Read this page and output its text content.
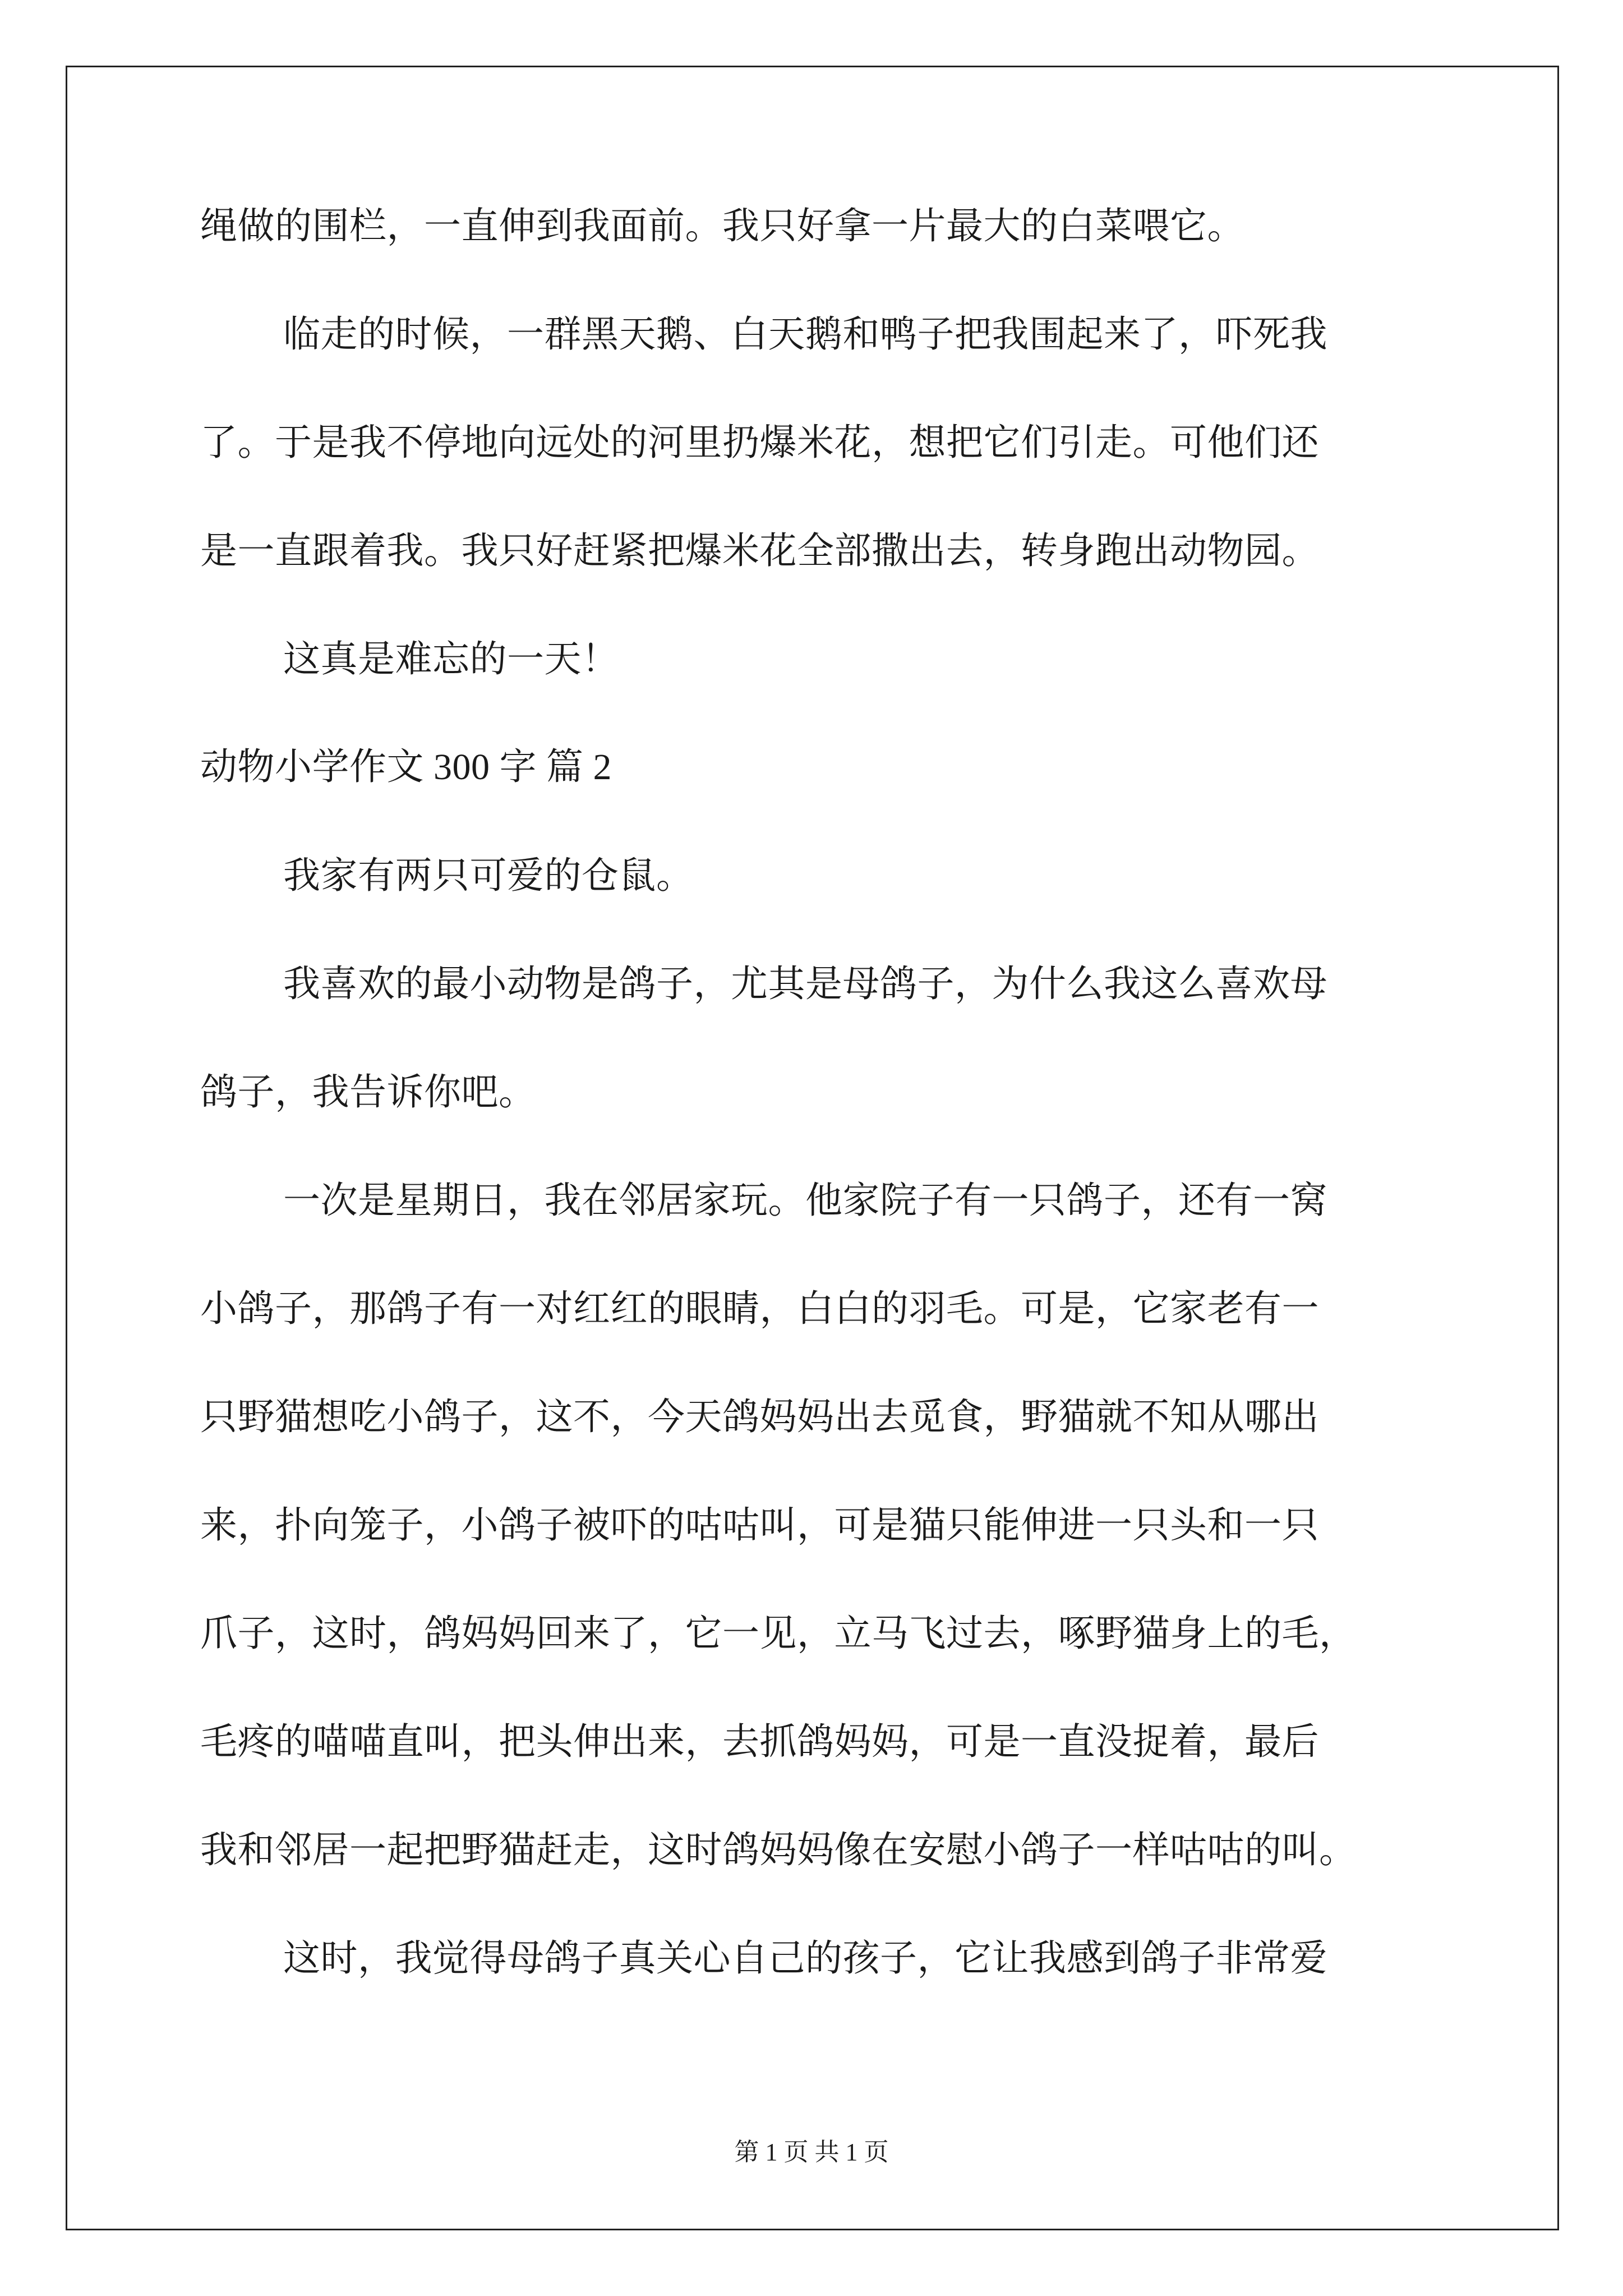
绳做的围栏，一直伸到我面前。我只好拿一片最大的白菜喂它。
临走的时候，一群黑天鹅、白天鹅和鸭子把我围起来了，吓死我
了。于是我不停地向远处的河里扔爆米花，想把它们引走。可他们还
是一直跟着我。我只好赶紧把爆米花全部撒出去，转身跑出动物园。
这真是难忘的一天！
动物小学作文 300 字 篇 2
我家有两只可爱的仓鼠。
我喜欢的最小动物是鸽子，尤其是母鸽子，为什么我这么喜欢母
鸽子，我告诉你吧。
一次是星期日，我在邻居家玩。他家院子有一只鸽子，还有一窝
小鸽子，那鸽子有一对红红的眼睛，白白的羽毛。可是，它家老有一
只野猫想吃小鸽子，这不，今天鸽妈妈出去觅食，野猫就不知从哪出
来，扑向笼子，小鸽子被吓的咕咕叫，可是猫只能伸进一只头和一只
爪子，这时，鸽妈妈回来了，它一见，立马飞过去，啄野猫身上的毛，
毛疼的喵喵直叫，把头伸出来，去抓鸽妈妈，可是一直没捉着，最后
我和邻居一起把野猫赶走，这时鸽妈妈像在安慰小鸽子一样咕咕的叫。
这时，我觉得母鸽子真关心自己的孩子，它让我感到鸽子非常爱
第 1 页 共 1 页
